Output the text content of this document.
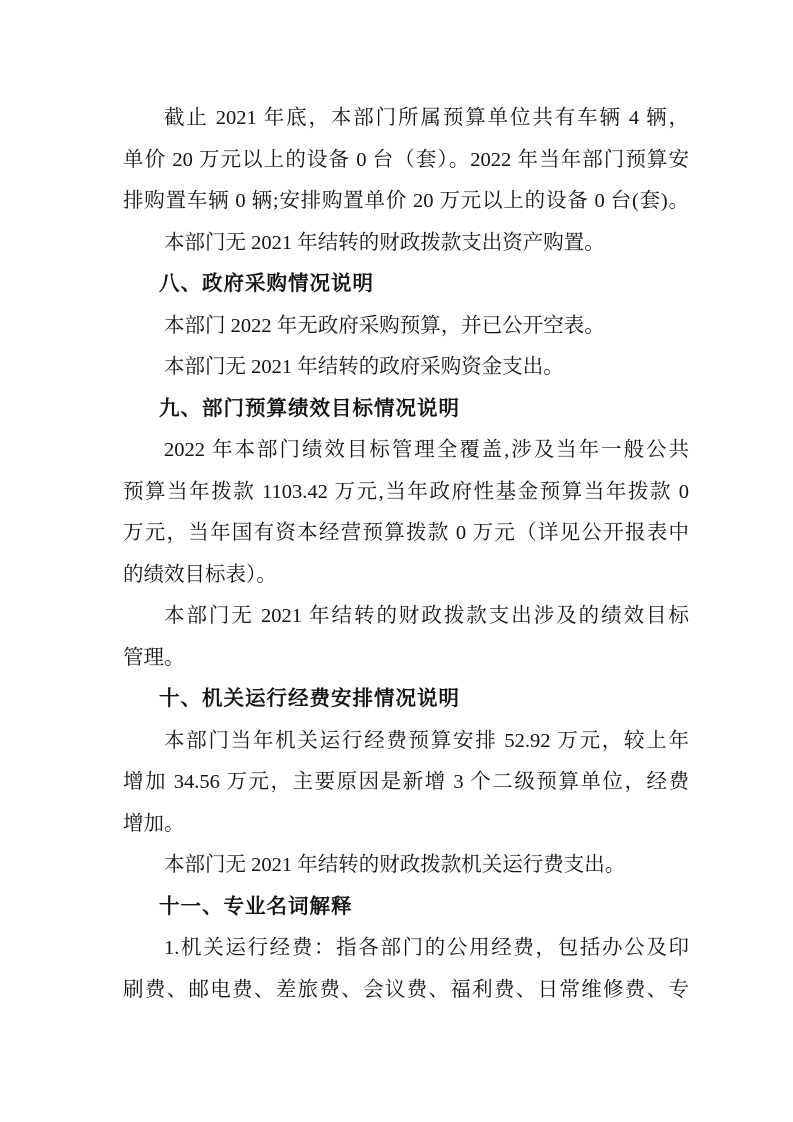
截止 2021 年底，本部门所属预算单位共有车辆 4 辆，
单价 20 万元以上的设备 0 台（套）。2022 年当年部门预算安
排购置车辆 0 辆;安排购置单价 20 万元以上的设备 0 台(套)。
本部门无 2021 年结转的财政拨款支出资产购置。
八、政府采购情况说明
本部门 2022 年无政府采购预算，并已公开空表。
本部门无 2021 年结转的政府采购资金支出。
九、部门预算绩效目标情况说明
2022 年本部门绩效目标管理全覆盖,涉及当年一般公共
预算当年拨款 1103.42 万元,当年政府性基金预算当年拨款 0
万元，当年国有资本经营预算拨款 0 万元（详见公开报表中
的绩效目标表）。
本部门无 2021 年结转的财政拨款支出涉及的绩效目标
管理。
十、机关运行经费安排情况说明
本部门当年机关运行经费预算安排 52.92 万元，较上年
增加 34.56 万元，主要原因是新增 3 个二级预算单位，经费
增加。
本部门无 2021 年结转的财政拨款机关运行费支出。
十一、专业名词解释
1.机关运行经费：指各部门的公用经费，包括办公及印
刷费、邮电费、差旅费、会议费、福利费、日常维修费、专
